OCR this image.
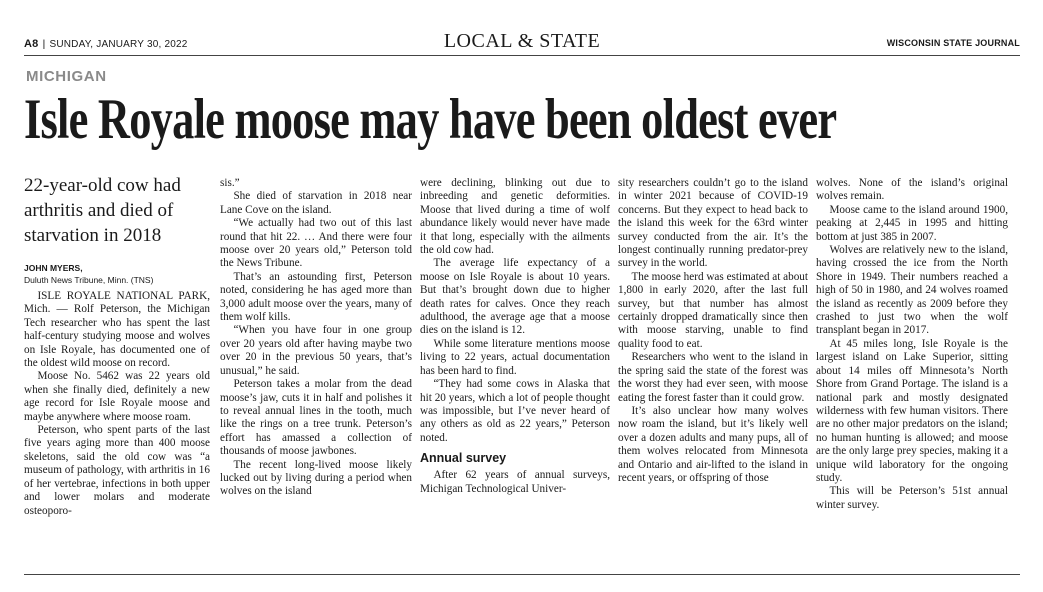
A8 | SUNDAY, JANUARY 30, 2022	LOCAL & STATE	WISCONSIN STATE JOURNAL
MICHIGAN
Isle Royale moose may have been oldest ever
22-year-old cow had arthritis and died of starvation in 2018
JOHN MYERS,
Duluth News Tribune, Minn. (TNS)

ISLE ROYALE NATIONAL PARK, Mich. — Rolf Peterson, the Michigan Tech researcher who has spent the last half-century studying moose and wolves on Isle Royale, has documented one of the oldest wild moose on record.

Moose No. 5462 was 22 years old when she finally died, definitely a new age record for Isle Royale moose and maybe anywhere where moose roam.

Peterson, who spent parts of the last five years aging more than 400 moose skeletons, said the old cow was “a museum of pathology, with arthritis in 16 of her vertebrae, infections in both upper and lower molars and moderate osteoporo-

sis.”

She died of starvation in 2018 near Lane Cove on the island.

“We actually had two out of this last round that hit 22. … And there were four moose over 20 years old,” Peterson told the News Tribune.

That’s an astounding first, Peterson noted, considering he has aged more than 3,000 adult moose over the years, many of them wolf kills.

“When you have four in one group over 20 years old after having maybe two over 20 in the previous 50 years, that’s unusual,” he said.

Peterson takes a molar from the dead moose’s jaw, cuts it in half and polishes it to reveal annual lines in the tooth, much like the rings on a tree trunk. Peterson’s effort has amassed a collection of thousands of moose jawbones.

The recent long-lived moose likely lucked out by living during a period when wolves on the island

were declining, blinking out due to inbreeding and genetic deformities. Moose that lived during a time of wolf abundance likely would never have made it that long, especially with the ailments the old cow had.

The average life expectancy of a moose on Isle Royale is about 10 years. But that’s brought down due to higher death rates for calves. Once they reach adulthood, the average age that a moose dies on the island is 12.

While some literature mentions moose living to 22 years, actual documentation has been hard to find.

“They had some cows in Alaska that hit 20 years, which a lot of people thought was impossible, but I’ve never heard of any others as old as 22 years,” Peterson noted.

Annual survey

After 62 years of annual surveys, Michigan Technological Univer-

sity researchers couldn’t go to the island in winter 2021 because of COVID-19 concerns. But they expect to head back to the island this week for the 63rd winter survey conducted from the air. It’s the longest continually running predator-prey survey in the world.

The moose herd was estimated at about 1,800 in early 2020, after the last full survey, but that number has almost certainly dropped dramatically since then with moose starving, unable to find quality food to eat.

Researchers who went to the island in the spring said the state of the forest was the worst they had ever seen, with moose eating the forest faster than it could grow.

It’s also unclear how many wolves now roam the island, but it’s likely well over a dozen adults and many pups, all of them wolves relocated from Minnesota and Ontario and air-lifted to the island in recent years, or offspring of those

wolves. None of the island’s original wolves remain.

Moose came to the island around 1900, peaking at 2,445 in 1995 and hitting bottom at just 385 in 2007.

Wolves are relatively new to the island, having crossed the ice from the North Shore in 1949. Their numbers reached a high of 50 in 1980, and 24 wolves roamed the island as recently as 2009 before they crashed to just two when the wolf transplant began in 2017.

At 45 miles long, Isle Royale is the largest island on Lake Superior, sitting about 14 miles off Minnesota’s North Shore from Grand Portage. The island is a national park and mostly designated wilderness with few human visitors. There are no other major predators on the island; no human hunting is allowed; and moose are the only large prey species, making it a unique wild laboratory for the ongoing study.

This will be Peterson’s 51st annual winter survey.
